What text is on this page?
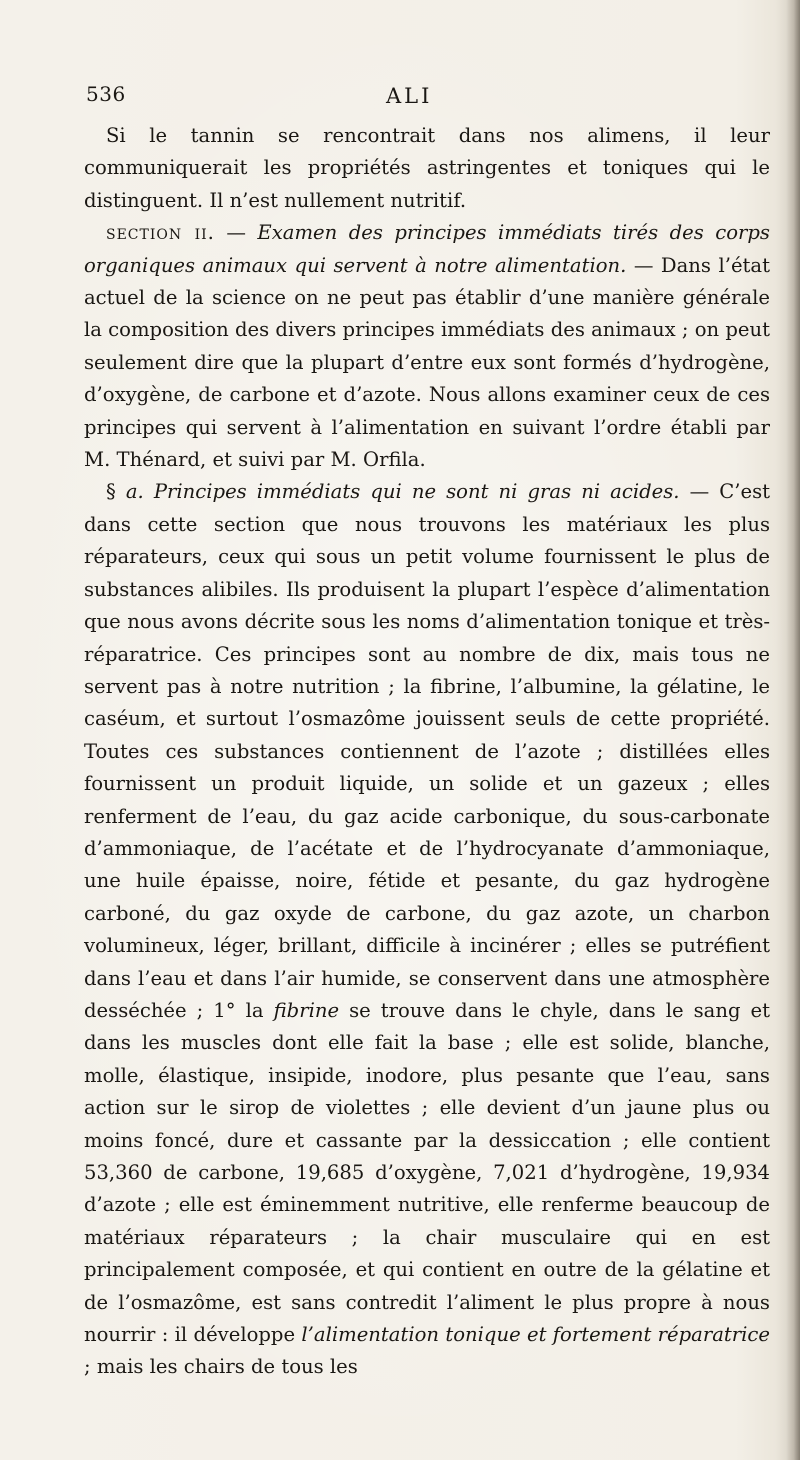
536	ALI

Si le tannin se rencontrait dans nos alimens, il leur communiquerait les propriétés astringentes et toniques qui le distinguent. Il n’est nullement nutritif.

section ii. — Examen des principes immédiats tirés des corps organiques animaux qui servent à notre alimentation. — Dans l’état actuel de la science on ne peut pas établir d’une manière générale la composition des divers principes immédiats des animaux ; on peut seulement dire que la plupart d’entre eux sont formés d’hydrogène, d’oxygène, de carbone et d’azote. Nous allons examiner ceux de ces principes qui servent à l’alimentation en suivant l’ordre établi par M. Thénard, et suivi par M. Orfila.

§ a. Principes immédiats qui ne sont ni gras ni acides. — C’est dans cette section que nous trouvons les matériaux les plus réparateurs, ceux qui sous un petit volume fournissent le plus de substances alibiles. Ils produisent la plupart l’espèce d’alimentation que nous avons décrite sous les noms d’alimentation tonique et très-réparatrice. Ces principes sont au nombre de dix, mais tous ne servent pas à notre nutrition ; la fibrine, l’albumine, la gélatine, le caséum, et surtout l’osmazôme jouissent seuls de cette propriété. Toutes ces substances contiennent de l’azote ; distillées elles fournissent un produit liquide, un solide et un gazeux ; elles renferment de l’eau, du gaz acide carbonique, du sous-carbonate d’ammoniaque, de l’acétate et de l’hydrocyanate d’ammoniaque, une huile épaisse, noire, fétide et pesante, du gaz hydrogène carboné, du gaz oxyde de carbone, du gaz azote, un charbon volumineux, léger, brillant, difficile à incinérer ; elles se putréfient dans l’eau et dans l’air humide, se conservent dans une atmosphère desséchée ; 1° la fibrine se trouve dans le chyle, dans le sang et dans les muscles dont elle fait la base ; elle est solide, blanche, molle, élastique, insipide, inodore, plus pesante que l’eau, sans action sur le sirop de violettes ; elle devient d’un jaune plus ou moins foncé, dure et cassante par la dessiccation ; elle contient 53,360 de carbone, 19,685 d’oxygène, 7,021 d’hydrogène, 19,934 d’azote ; elle est éminemment nutritive, elle renferme beaucoup de matériaux réparateurs ; la chair musculaire qui en est principalement composée, et qui contient en outre de la gélatine et de l’osmazôme, est sans contredit l’aliment le plus propre à nous nourrir : il développe l’alimentation tonique et fortement réparatrice ; mais les chairs de tous les
